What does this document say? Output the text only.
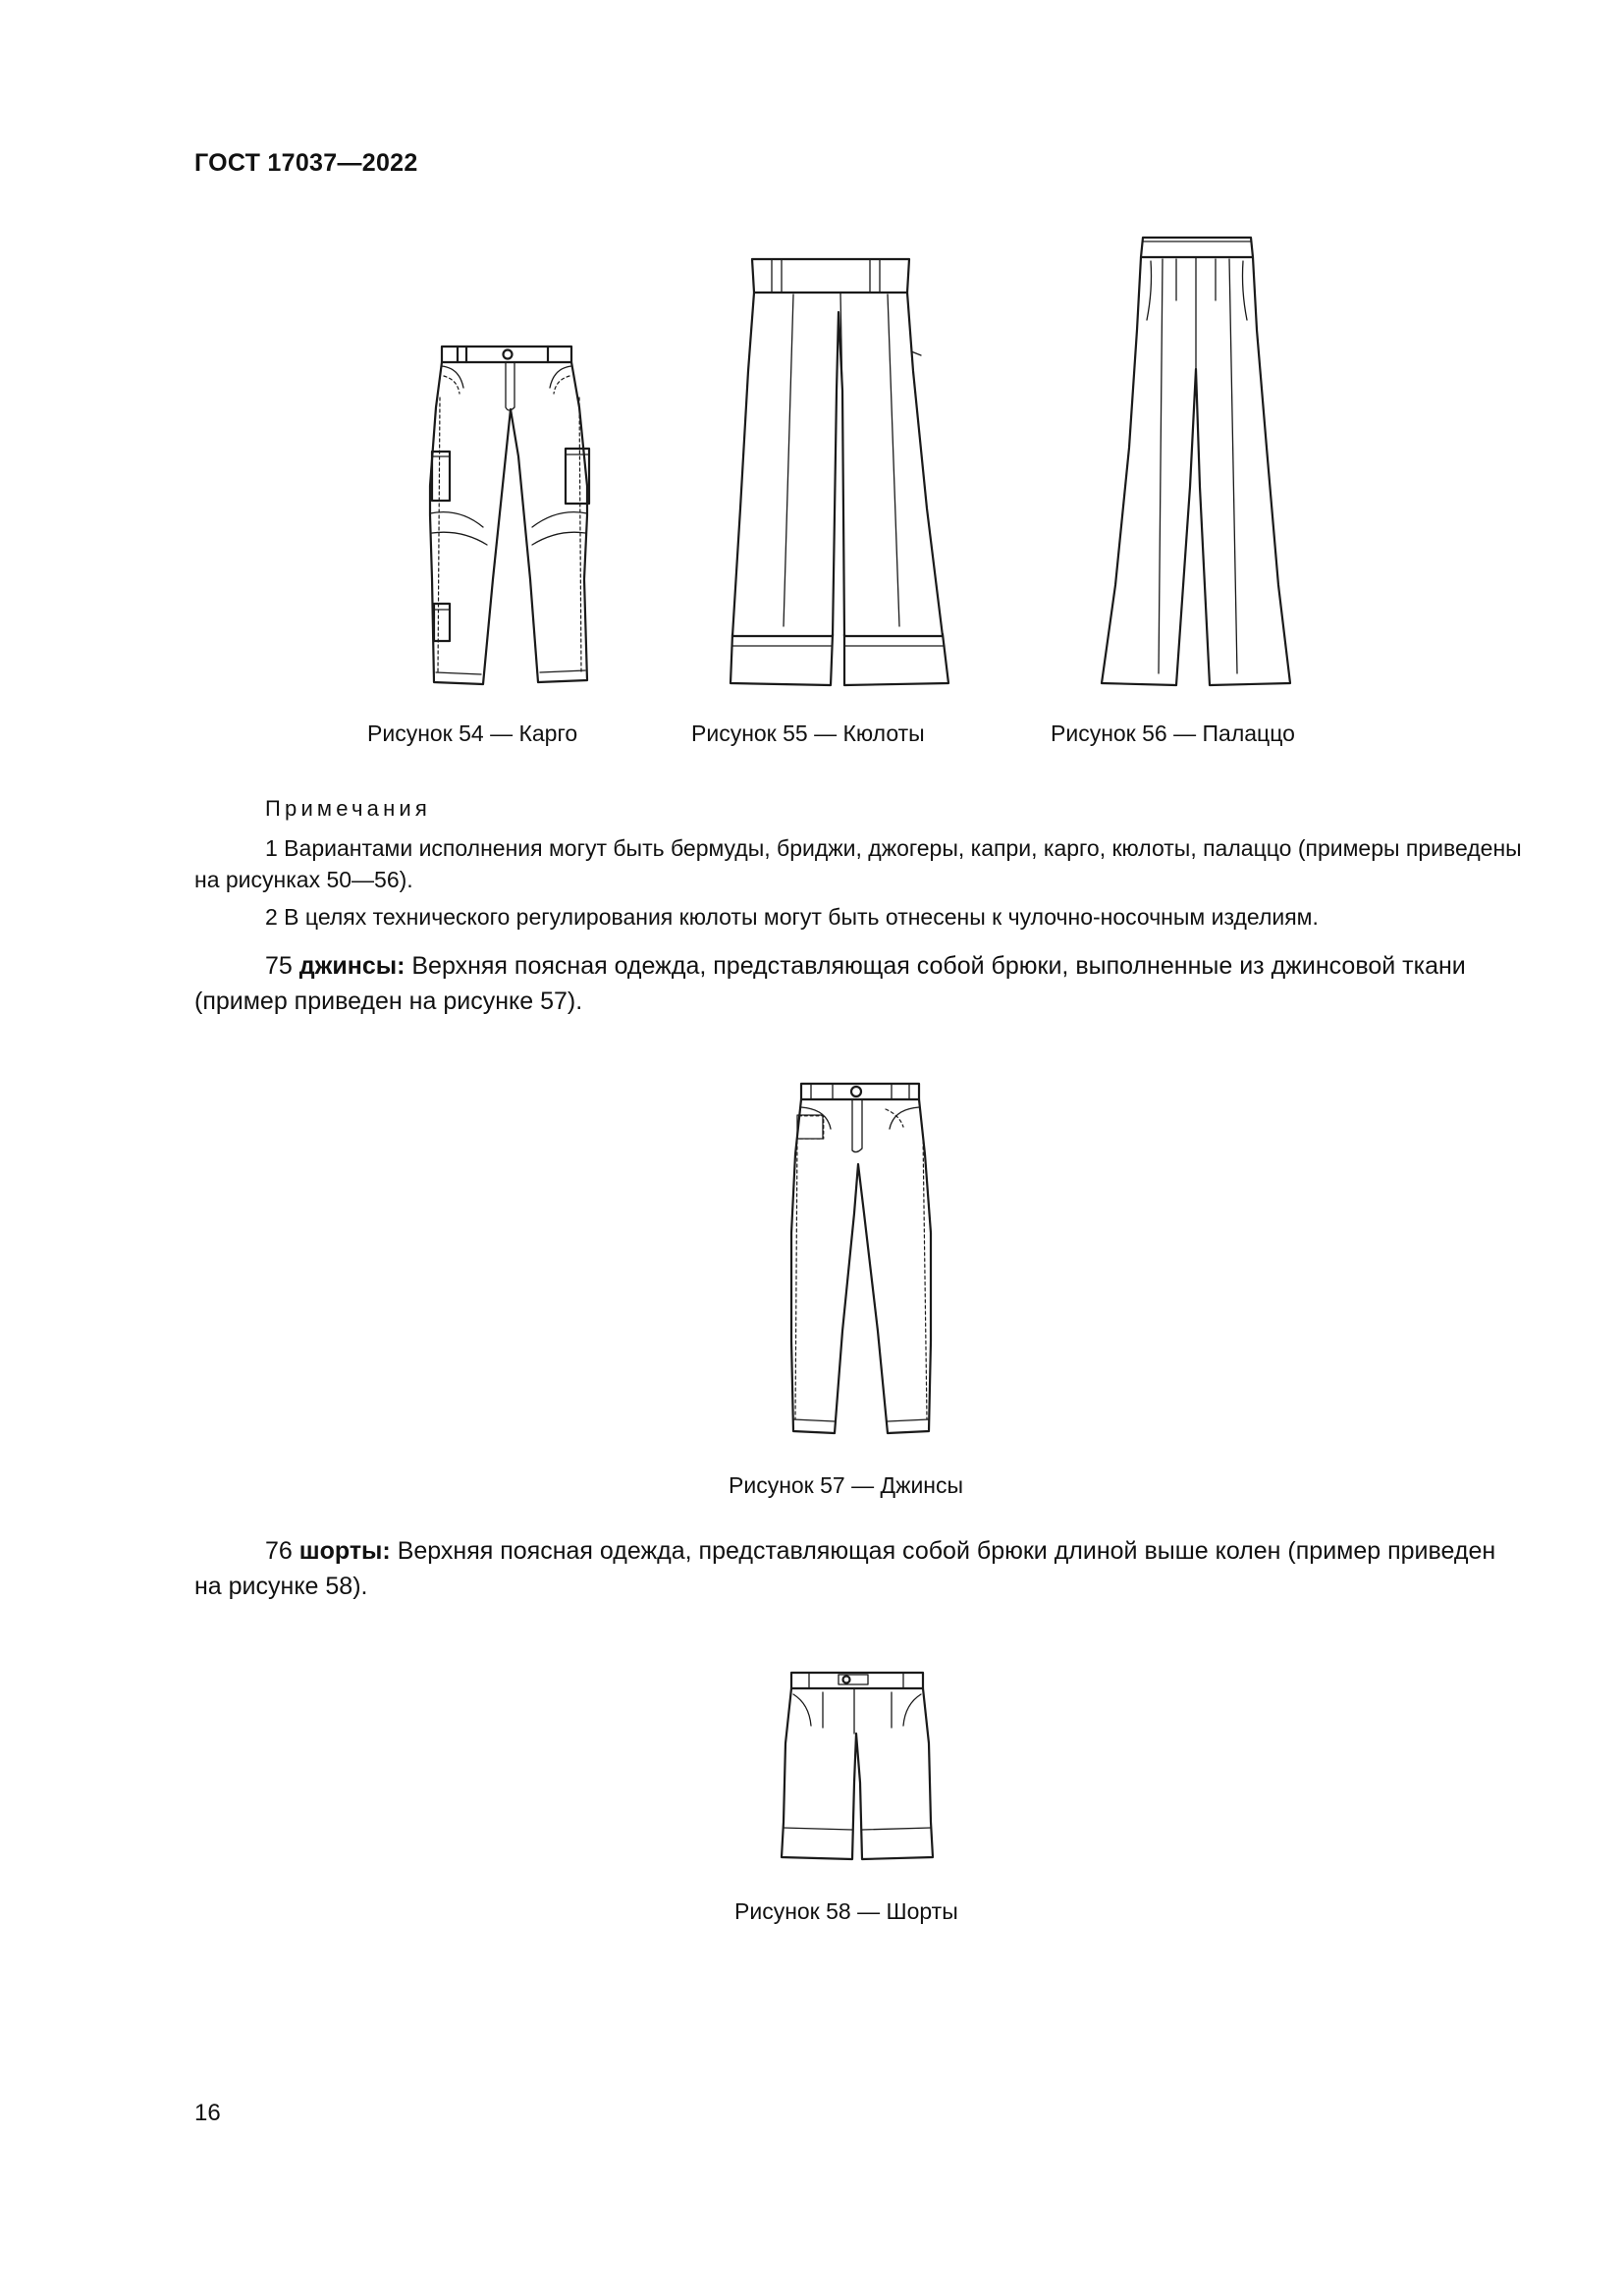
ГОСТ 17037—2022
Рисунок 54 — Карго	Рисунок 55 — Кюлоты	Рисунок 56 — Палаццо
Примечания
1 Вариантами исполнения могут быть бермуды, бриджи, джогеры, капри, карго, кюлоты, палаццо (примеры приведены на рисунках 50—56).
2 В целях технического регулирования кюлоты могут быть отнесены к чулочно-носочным изделиям.
75 джинсы: Верхняя поясная одежда, представляющая собой брюки, выполненные из джинсовой ткани (пример приведен на рисунке 57).
Рисунок 57 — Джинсы
76 шорты: Верхняя поясная одежда, представляющая собой брюки длиной выше колен (пример приведен на рисунке 58).
Рисунок 58 — Шорты
16
